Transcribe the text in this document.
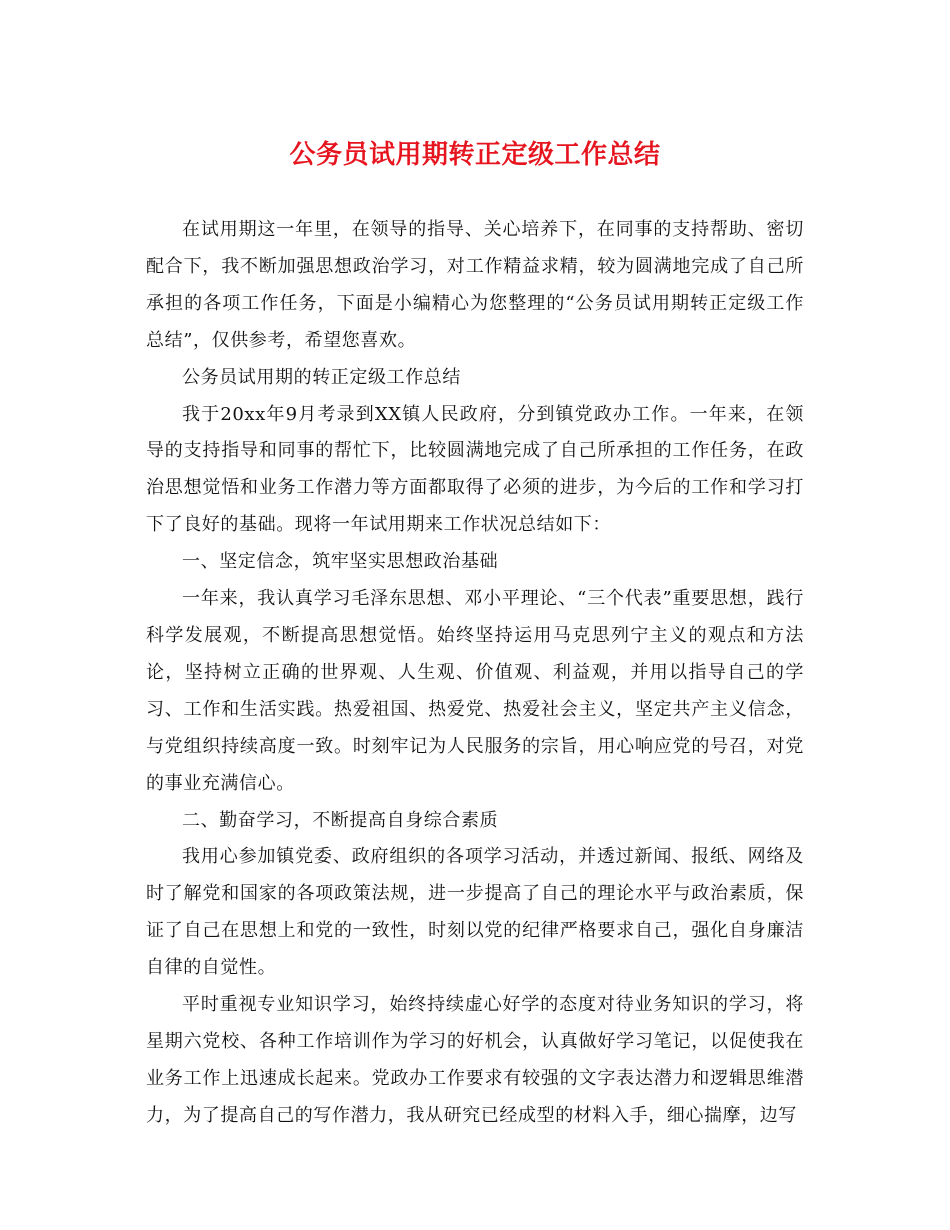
公务员试用期转正定级工作总结

在试用期这一年里，在领导的指导、关心培养下，在同事的支持帮助、密切配合下，我不断加强思想政治学习，对工作精益求精，较为圆满地完成了自己所承担的各项工作任务，下面是小编精心为您整理的“公务员试用期转正定级工作总结”，仅供参考，希望您喜欢。

公务员试用期的转正定级工作总结

我于20xx年9月考录到XX镇人民政府，分到镇党政办工作。一年来，在领导的支持指导和同事的帮忙下，比较圆满地完成了自己所承担的工作任务，在政治思想觉悟和业务工作潜力等方面都取得了必须的进步，为今后的工作和学习打下了良好的基础。现将一年试用期来工作状况总结如下：

一、坚定信念，筑牢坚实思想政治基础

一年来，我认真学习毛泽东思想、邓小平理论、“三个代表”重要思想，践行科学发展观，不断提高思想觉悟。始终坚持运用马克思列宁主义的观点和方法论，坚持树立正确的世界观、人生观、价值观、利益观，并用以指导自己的学习、工作和生活实践。热爱祖国、热爱党、热爱社会主义，坚定共产主义信念，与党组织持续高度一致。时刻牢记为人民服务的宗旨，用心响应党的号召，对党的事业充满信心。

二、勤奋学习，不断提高自身综合素质

我用心参加镇党委、政府组织的各项学习活动，并透过新闻、报纸、网络及时了解党和国家的各项政策法规，进一步提高了自己的理论水平与政治素质，保证了自己在思想上和党的一致性，时刻以党的纪律严格要求自己，强化自身廉洁自律的自觉性。

平时重视专业知识学习，始终持续虚心好学的态度对待业务知识的学习，将星期六党校、各种工作培训作为学习的好机会，认真做好学习笔记，以促使我在业务工作上迅速成长起来。党政办工作要求有较强的文字表达潜力和逻辑思维潜力，为了提高自己的写作潜力，我从研究已经成型的材料入手，细心揣摩，边写
